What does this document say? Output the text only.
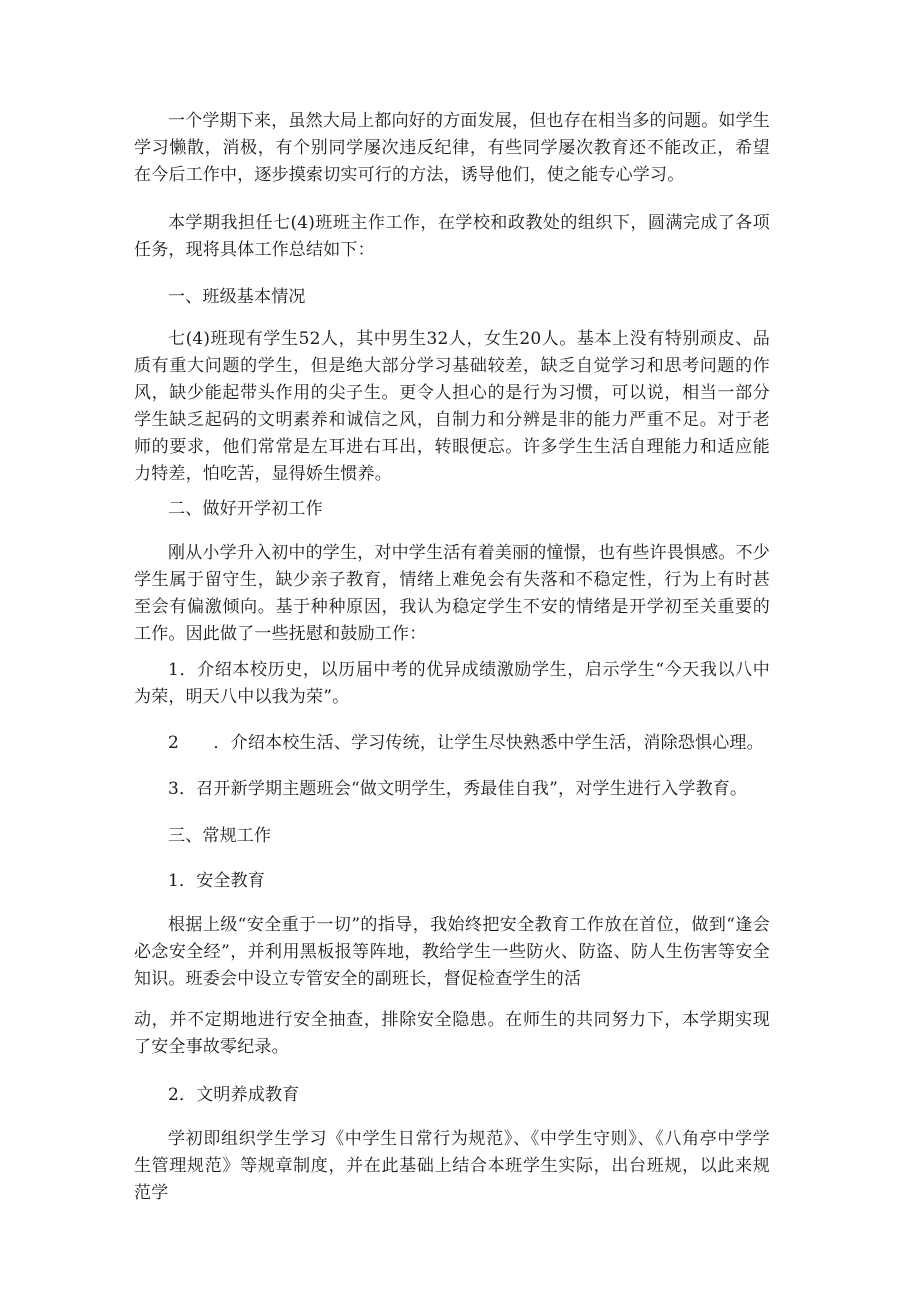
一个学期下来，虽然大局上都向好的方面发展，但也存在相当多的问题。如学生学习懒散，消极，有个别同学屡次违反纪律，有些同学屡次教育还不能改正，希望在今后工作中，逐步摸索切实可行的方法，诱导他们，使之能专心学习。

本学期我担任七(4)班班主作工作，在学校和政教处的组织下，圆满完成了各项任务，现将具体工作总结如下：

一、班级基本情况

七(4)班现有学生52人，其中男生32人，女生20人。基本上没有特别顽皮、品质有重大问题的学生，但是绝大部分学习基础较差，缺乏自觉学习和思考问题的作风，缺少能起带头作用的尖子生。更令人担心的是行为习惯，可以说，相当一部分学生缺乏起码的文明素养和诚信之风，自制力和分辨是非的能力严重不足。对于老师的要求，他们常常是左耳进右耳出，转眼便忘。许多学生生活自理能力和适应能力特差，怕吃苦，显得娇生惯养。

二、做好开学初工作

刚从小学升入初中的学生，对中学生活有着美丽的憧憬，也有些许畏惧感。不少学生属于留守生，缺少亲子教育，情绪上难免会有失落和不稳定性，行为上有时甚至会有偏激倾向。基于种种原因，我认为稳定学生不安的情绪是开学初至关重要的工作。因此做了一些抚慰和鼓励工作：

1．介绍本校历史，以历届中考的优异成绩激励学生，启示学生“今天我以八中为荣，明天八中以我为荣”。

2　　．介绍本校生活、学习传统，让学生尽快熟悉中学生活，消除恐惧心理。

3．召开新学期主题班会“做文明学生，秀最佳自我”，对学生进行入学教育。

三、常规工作

1．安全教育

根据上级“安全重于一切”的指导，我始终把安全教育工作放在首位，做到“逢会必念安全经”，并利用黑板报等阵地，教给学生一些防火、防盗、防人生伤害等安全知识。班委会中设立专管安全的副班长，督促检查学生的活

动，并不定期地进行安全抽查，排除安全隐患。在师生的共同努力下，本学期实现了安全事故零纪录。

2．文明养成教育

学初即组织学生学习《中学生日常行为规范》、《中学生守则》、《八角亭中学学生管理规范》等规章制度，并在此基础上结合本班学生实际，出台班规，以此来规范学
